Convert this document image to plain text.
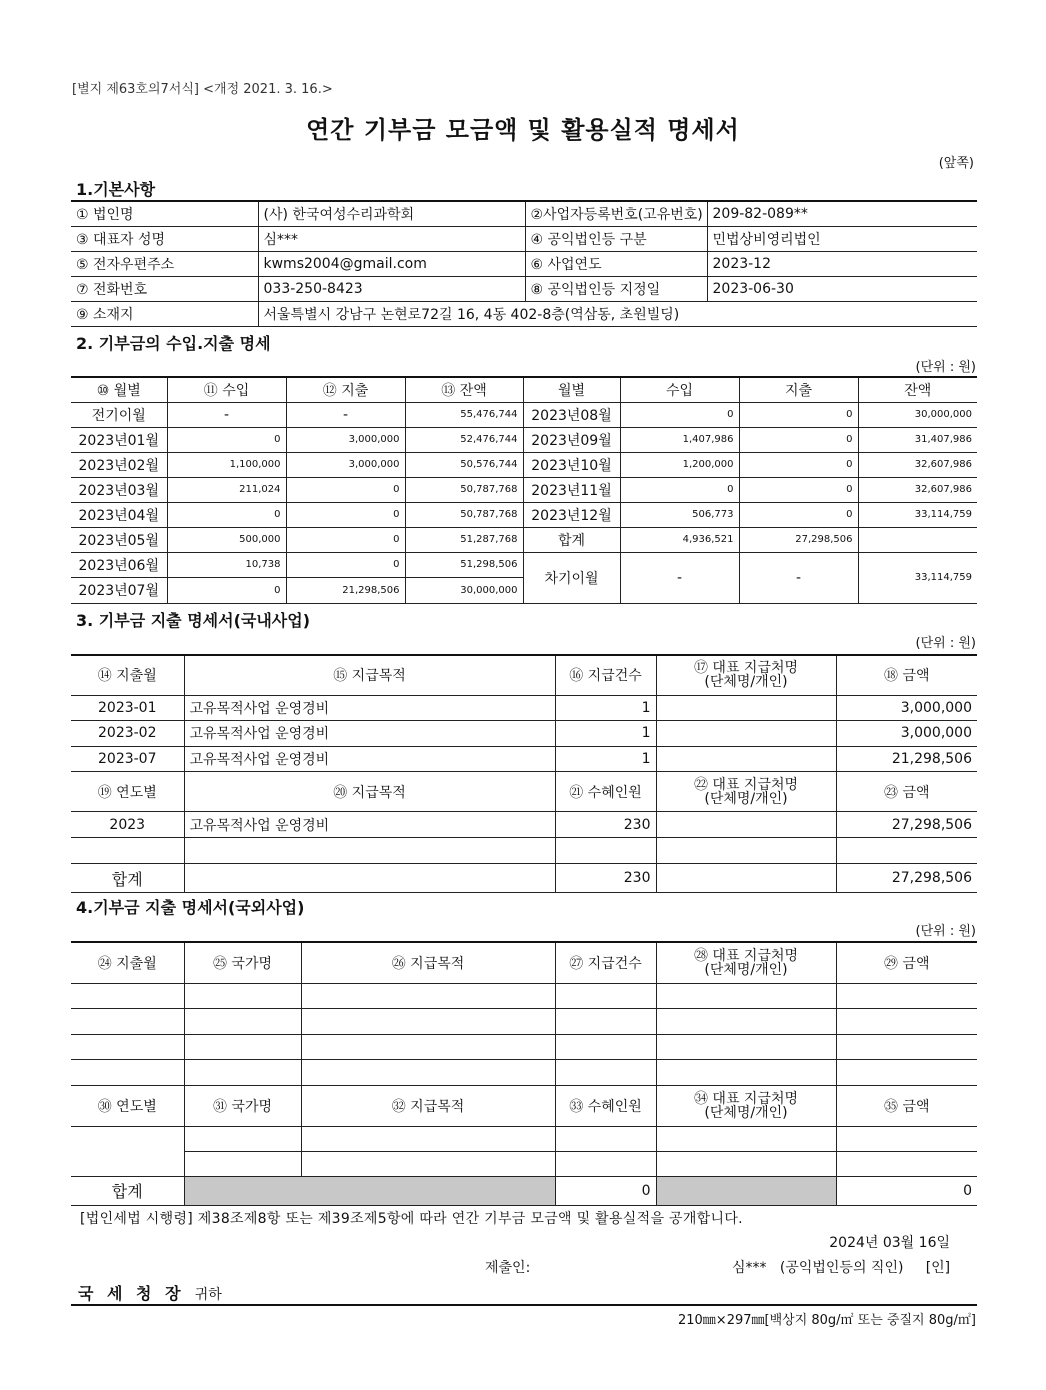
[별지 제63호의7서식] <개정 2021. 3. 16.>
연간 기부금 모금액 및 활용실적 명세서
(앞쪽)
1.기본사항
① 법인명	(사) 한국여성수리과학회	②사업자등록번호(고유번호)	209-82-089**
③ 대표자 성명	심***	④ 공익법인등 구분	민법상비영리법인
⑤ 전자우편주소	kwms2004@gmail.com	⑥ 사업연도	2023-12
⑦ 전화번호	033-250-8423	⑧ 공익법인등 지정일	2023-06-30
⑨ 소재지	서울특별시 강남구 논현로72길 16, 4동 402-8층(역삼동, 초원빌딩)		
2. 기부금의 수입.지출 명세
(단위 : 원)
⑩ 월별	⑪ 수입	⑫ 지출	⑬ 잔액	월별	수입	지출	잔액
전기이월	-	-	55,476,744	2023년08월	0	0	30,000,000
2023년01월	0	3,000,000	52,476,744	2023년09월	1,407,986	0	31,407,986
2023년02월	1,100,000	3,000,000	50,576,744	2023년10월	1,200,000	0	32,607,986
2023년03월	211,024	0	50,787,768	2023년11월	0	0	32,607,986
2023년04월	0	0	50,787,768	2023년12월	506,773	0	33,114,759
2023년05월	500,000	0	51,287,768	합계	4,936,521	27,298,506	
2023년06월	10,738	0	51,298,506	차기이월	-	-	33,114,759
2023년07월	0	21,298,506	30,000,000				
3. 기부금 지출 명세서(국내사업)
(단위 : 원)
⑭ 지출월	⑮ 지급목적	⑯ 지급건수	⑰ 대표 지급처명
(단체명/개인)	⑱ 금액
2023-01	고유목적사업 운영경비	1		3,000,000
2023-02	고유목적사업 운영경비	1		3,000,000
2023-07	고유목적사업 운영경비	1		21,298,506
⑲ 연도별	⑳ 지급목적	㉑ 수혜인원	㉒ 대표 지급처명
(단체명/개인)	㉓ 금액
2023	고유목적사업 운영경비	230		27,298,506

합계		230		27,298,506
4.기부금 지출 명세서(국외사업)
(단위 : 원)
㉔ 지출월	㉕ 국가명	㉖ 지급목적	㉗ 지급건수	㉘ 대표 지급처명
(단체명/개인)	㉙ 금액

㉚ 연도별	㉛ 국가명	㉜ 지급목적	㉝ 수혜인원	㉞ 대표 지급처명
(단체명/개인)	㉟ 금액

합계			0		0
[법인세법 시행령] 제38조제8항 또는 제39조제5항에 따라 연간 기부금 모금액 및 활용실적을 공개합니다.
2024년 03월 16일
제출인:	심***   (공익법인등의 직인)     [인]
국 세 청 장 귀하
210㎜×297㎜[백상지 80g/㎡ 또는 중질지 80g/㎡]
